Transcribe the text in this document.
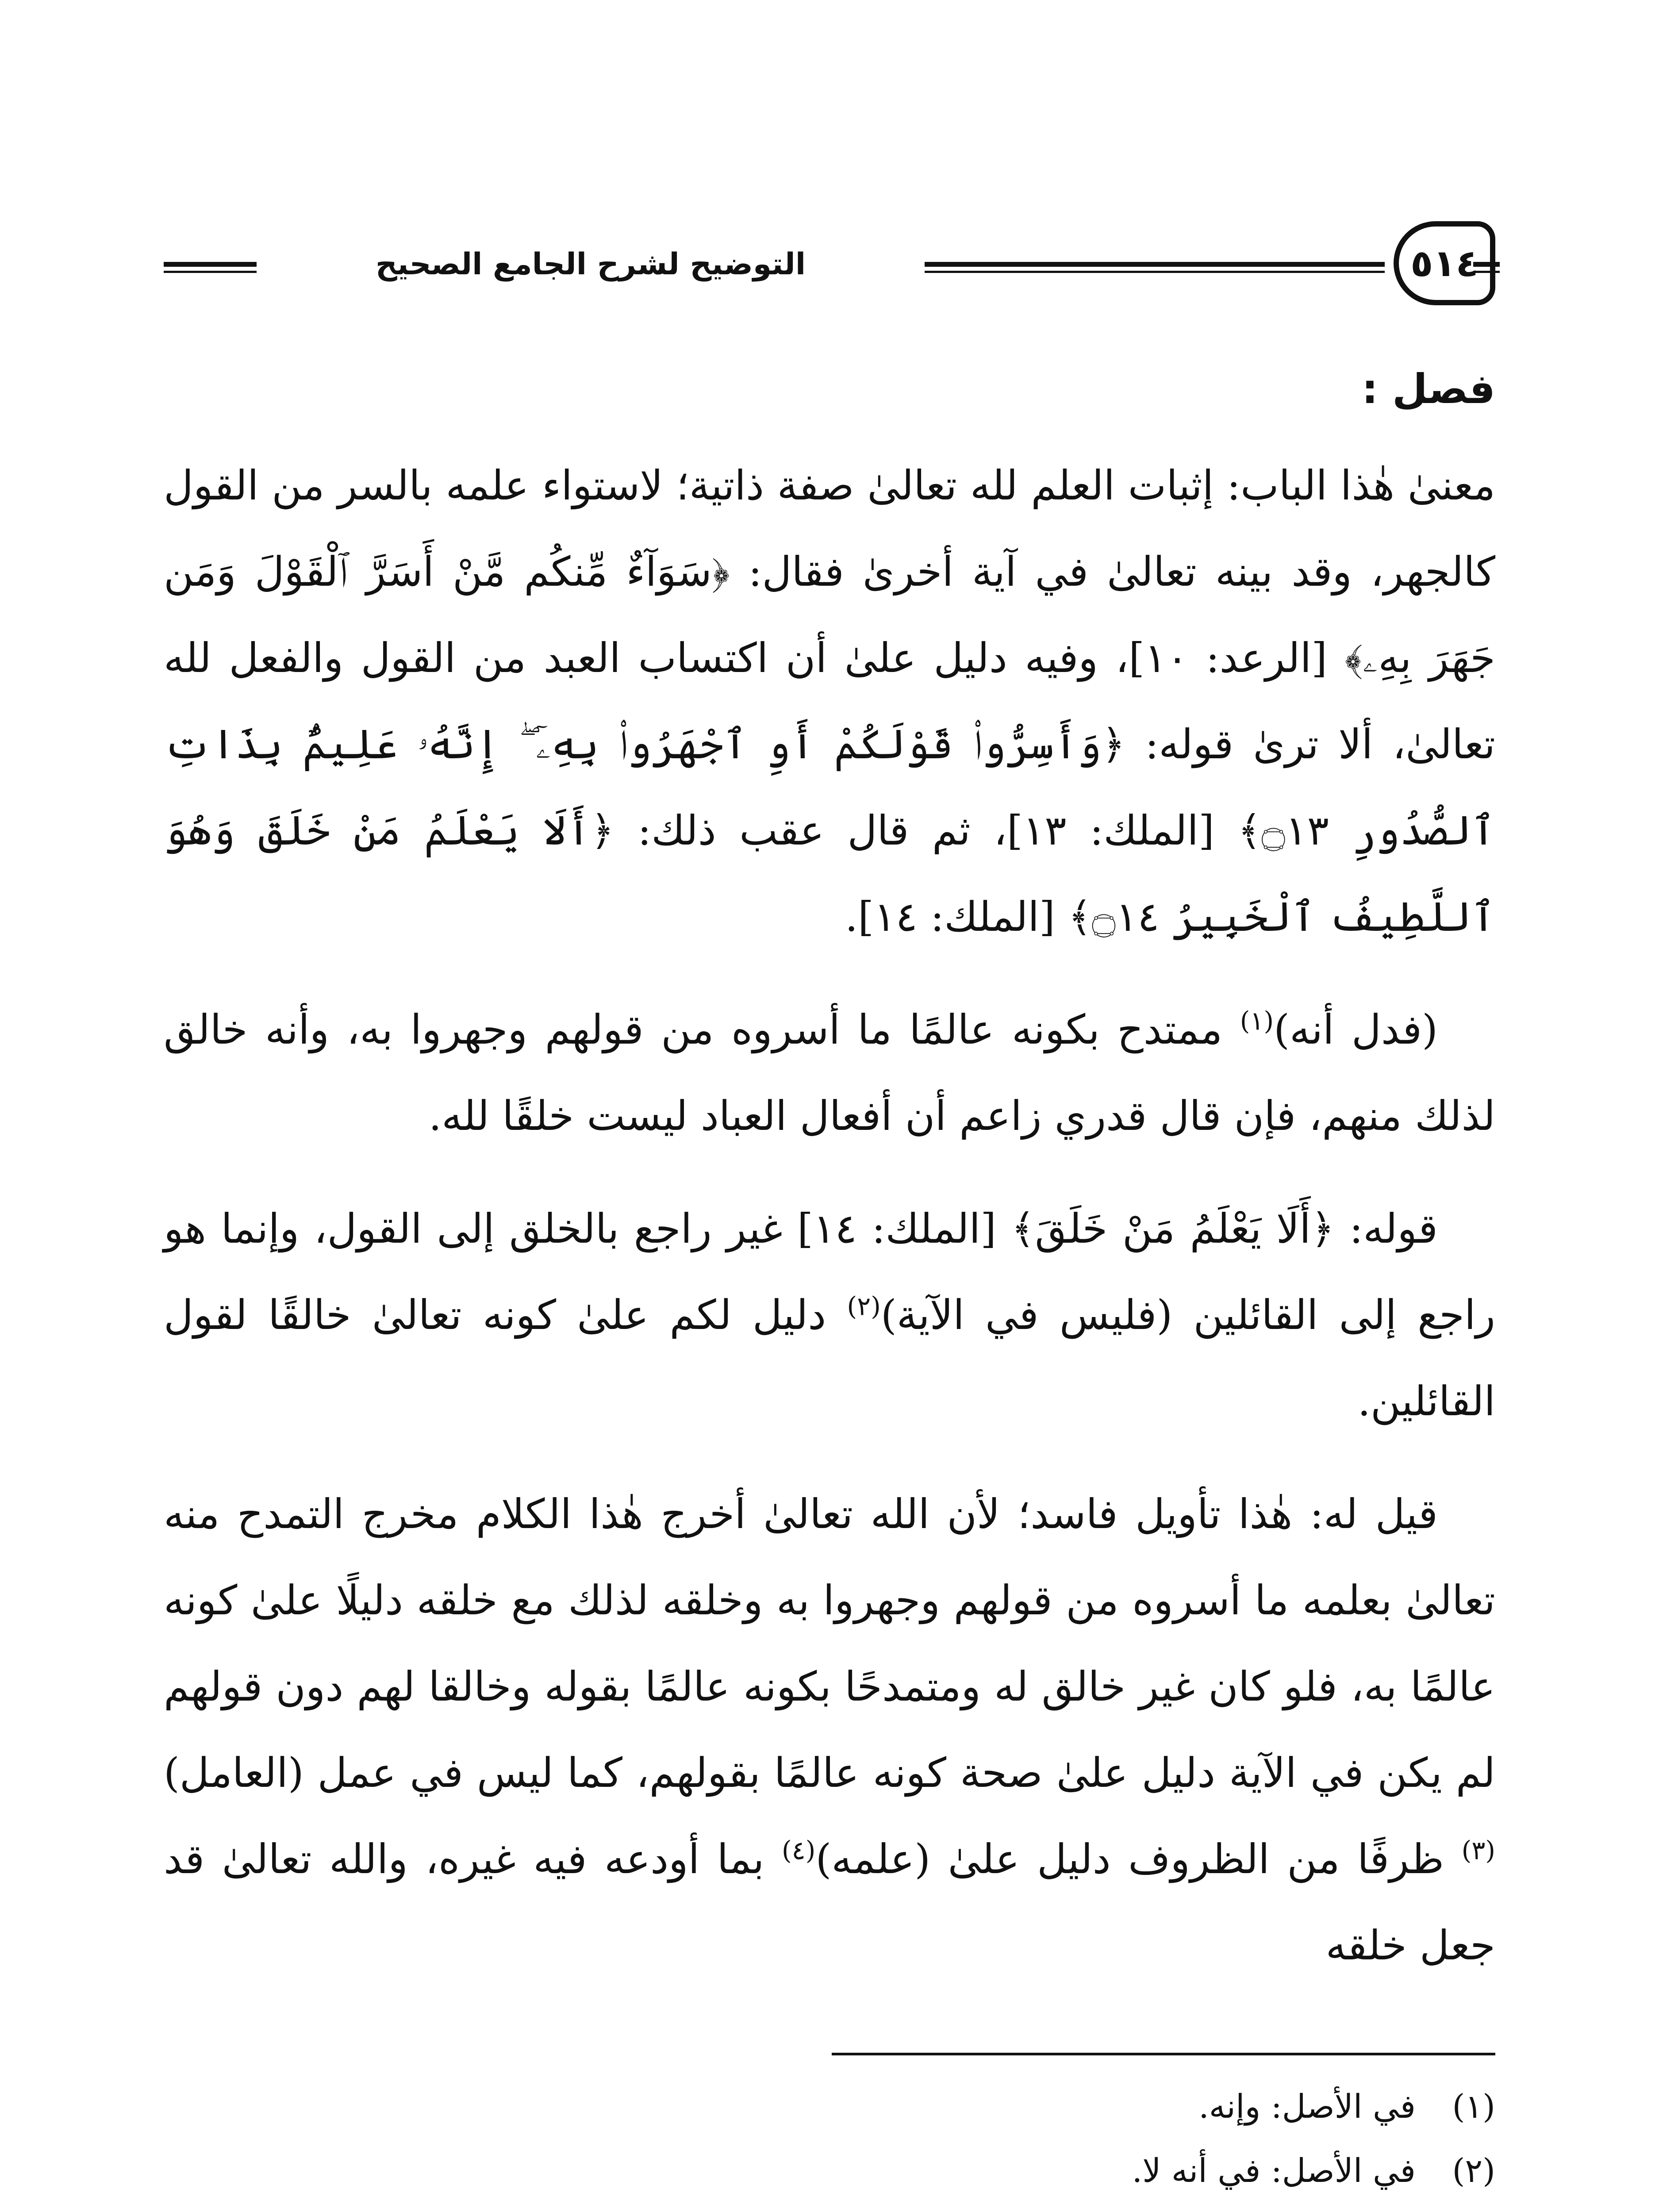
٥١٤
التوضيح لشرح الجامع الصحيح
فصل :

معنىٰ هٰذا الباب: إثبات العلم لله تعالىٰ صفة ذاتية؛ لاستواء علمه بالسر من القول كالجهر، وقد بينه تعالىٰ في آية أخرىٰ فقال: ﴿سَوَآءٌ مِّنكُم مَّنْ أَسَرَّ ٱلْقَوْلَ وَمَن جَهَرَ بِهِۦ﴾ [الرعد: ١٠]، وفيه دليل علىٰ أن اكتساب العبد من القول والفعل لله تعالىٰ، ألا ترىٰ قوله: ﴿وَأَسِرُّوا۟ قَوْلَكُمْ أَوِ ٱجْهَرُوا۟ بِهِۦٓ ۖ إِنَّهُۥ عَلِيمٌۢ بِذَاتِ ٱلصُّدُورِ ۝١٣﴾ [الملك: ١٣]، ثم قال عقب ذلك: ﴿أَلَا يَعْلَمُ مَنْ خَلَقَ وَهُوَ ٱللَّطِيفُ ٱلْخَبِيرُ ۝١٤﴾ [الملك: ١٤].

(فدل أنه)$^{(١)}$ ممتدح بكونه عالمًا ما أسروه من قولهم وجهروا به، وأنه خالق لذلك منهم، فإن قال قدري زاعم أن أفعال العباد ليست خلقًا لله.

قوله: ﴿أَلَا يَعْلَمُ مَنْ خَلَقَ﴾ [الملك: ١٤] غير راجع بالخلق إلى القول، وإنما هو راجع إلى القائلين (فليس في الآية)$^{(٢)}$ دليل لكم علىٰ كونه تعالىٰ خالقًا لقول القائلين.

قيل له: هٰذا تأويل فاسد؛ لأن الله تعالىٰ أخرج هٰذا الكلام مخرج التمدح منه تعالىٰ بعلمه ما أسروه من قولهم وجهروا به وخلقه لذلك مع خلقه دليلًا علىٰ كونه عالمًا به، فلو كان غير خالق له ومتمدحًا بكونه عالمًا بقوله وخالقا لهم دون قولهم لم يكن في الآية دليل علىٰ صحة كونه عالمًا بقولهم، كما ليس في عمل (العامل)$^{(٣)}$ ظرفًا من الظروف دليل علىٰ (علمه)$^{(٤)}$ بما أودعه فيه غيره، والله تعالىٰ قد جعل خلقه

(١)في الأصل: وإنه.
(٢)في الأصل: في أنه لا.
